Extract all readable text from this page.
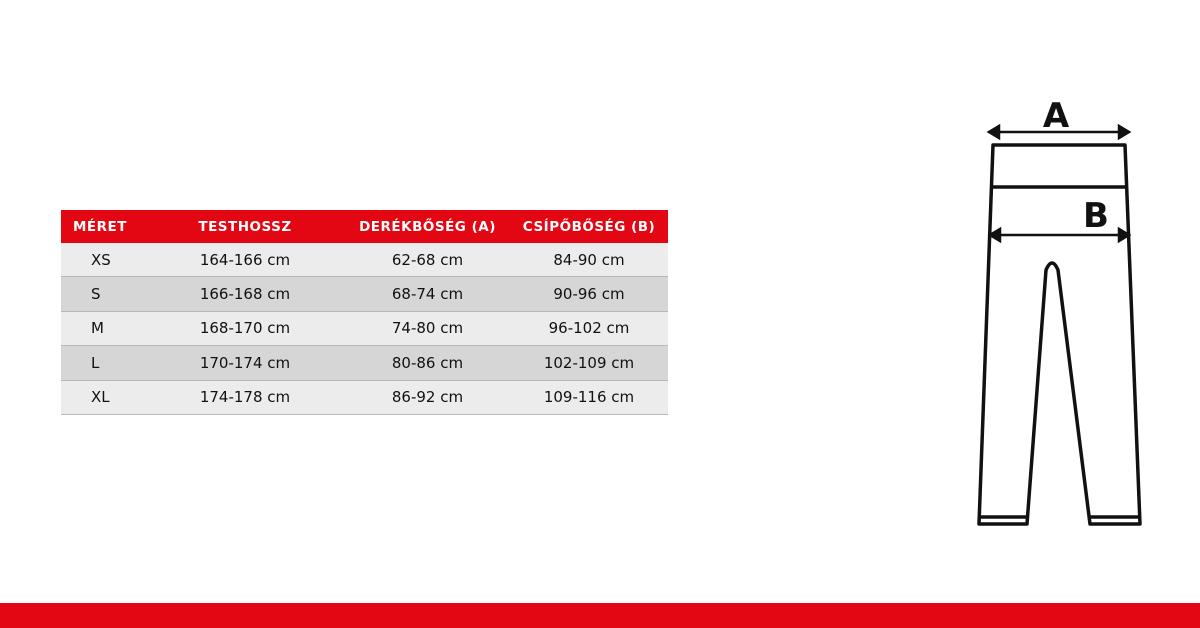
MÉRET	TESTHOSSZ	DERÉKBŐSÉG (A)	CSÍPŐBŐSÉG (B)
XS	164-166 cm	62-68 cm	84-90 cm
S	166-168 cm	68-74 cm	90-96 cm
M	168-170 cm	74-80 cm	96-102 cm
L	170-174 cm	80-86 cm	102-109 cm
XL	174-178 cm	86-92 cm	109-116 cm
A
B
